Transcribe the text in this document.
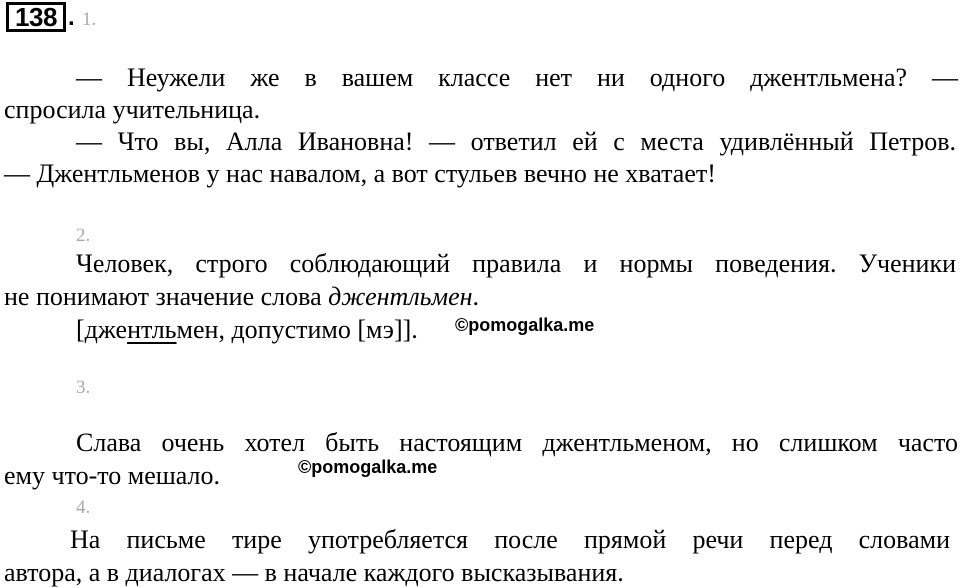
138 . 1.
— Неужели же в вашем классе нет ни одного джентльмена? —
спросила учительница.
— Что вы, Алла Ивановна! — ответил ей с места удивлённый Петров.
— Джентльменов у нас навалом, а вот стульев вечно не хватает!
2.
Человек, строго соблюдающий правила и нормы поведения. Ученики
не понимают значение слова джентльмен.
[джентльмен, допустимо [мэ]]. ©pomogalka.me
3.
Слава очень хотел быть настоящим джентльменом, но слишком часто
ему что-то мешало.	©pomogalka.me
4.
На письме тире употребляется после прямой речи перед словами
автора, а в диалогах — в начале каждого высказывания.
